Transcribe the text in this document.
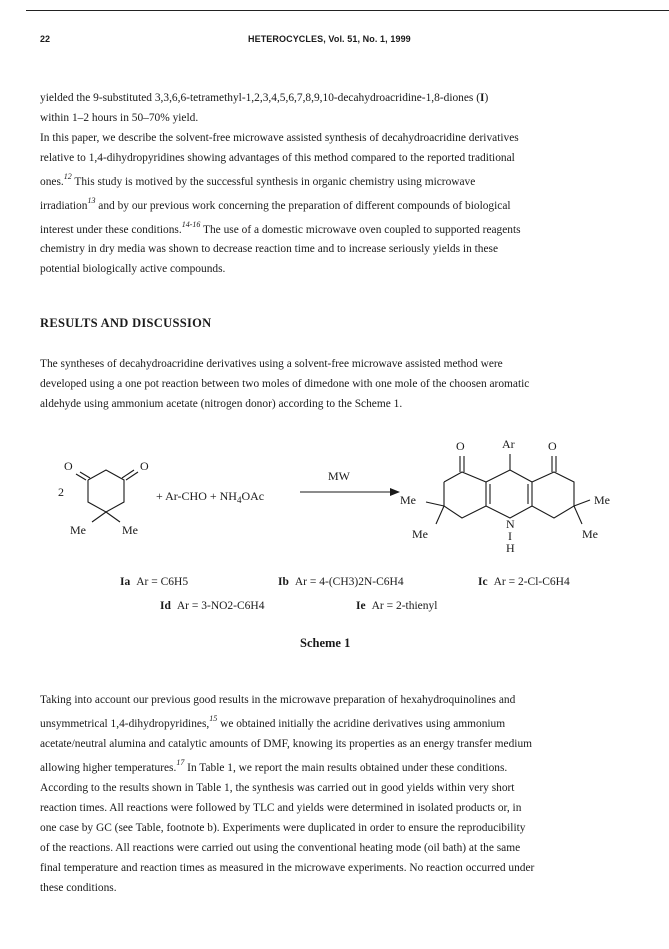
22	HETEROCYCLES, Vol. 51, No. 1, 1999
yielded the 9-substituted 3,3,6,6-tetramethyl-1,2,3,4,5,6,7,8,9,10-decahydroacridine-1,8-diones (I)
within 1–2 hours in 50–70% yield.
In this paper, we describe the solvent-free microwave assisted synthesis of decahydroacridine derivatives
relative to 1,4-dihydropyridines showing advantages of this method compared to the reported traditional
ones.$^{12}$ This study is motived by the successful synthesis in organic chemistry using microwave
irradiation$^{13}$ and by our previous work concerning the preparation of different compounds of biological
interest under these conditions.$^{14-16}$ The use of a domestic microwave oven coupled to supported reagents
chemistry in dry media was shown to decrease reaction time and to increase seriously yields in these
potential biologically active compounds.
RESULTS AND DISCUSSION
The syntheses of decahydroacridine derivatives using a solvent-free microwave assisted method were
developed using a one pot reaction between two moles of dimedone with one mole of the choosen aromatic
aldehyde using ammonium acetate (nitrogen donor) according to the Scheme 1.
2
O	O
Me	Me
+ $Ar-CHO + NH_4OAc$
MW
O	Ar	O
Me
Me
Me
Me
N
I
H
Ia Ar = C6H5	Ib Ar = 4-(CH3)2N-C6H4	Ic Ar = 2-Cl-C6H4
Id Ar = 3-NO2-C6H4	Ie Ar = 2-thienyl
Scheme 1
Taking into account our previous good results in the microwave preparation of hexahydroquinolines and
unsymmetrical 1,4-dihydropyridines,$^{15}$ we obtained initially the acridine derivatives using ammonium
acetate/neutral alumina and catalytic amounts of DMF, knowing its properties as an energy transfer medium
allowing higher temperatures.$^{17}$ In Table 1, we report the main results obtained under these conditions.
According to the results shown in Table 1, the synthesis was carried out in good yields within very short
reaction times. All reactions were followed by TLC and yields were determined in isolated products or, in
one case by GC (see Table, footnote b). Experiments were duplicated in order to ensure the reproducibility
of the reactions. All reactions were carried out using the conventional heating mode (oil bath) at the same
final temperature and reaction times as measured in the microwave experiments. No reaction occurred under
these conditions.
